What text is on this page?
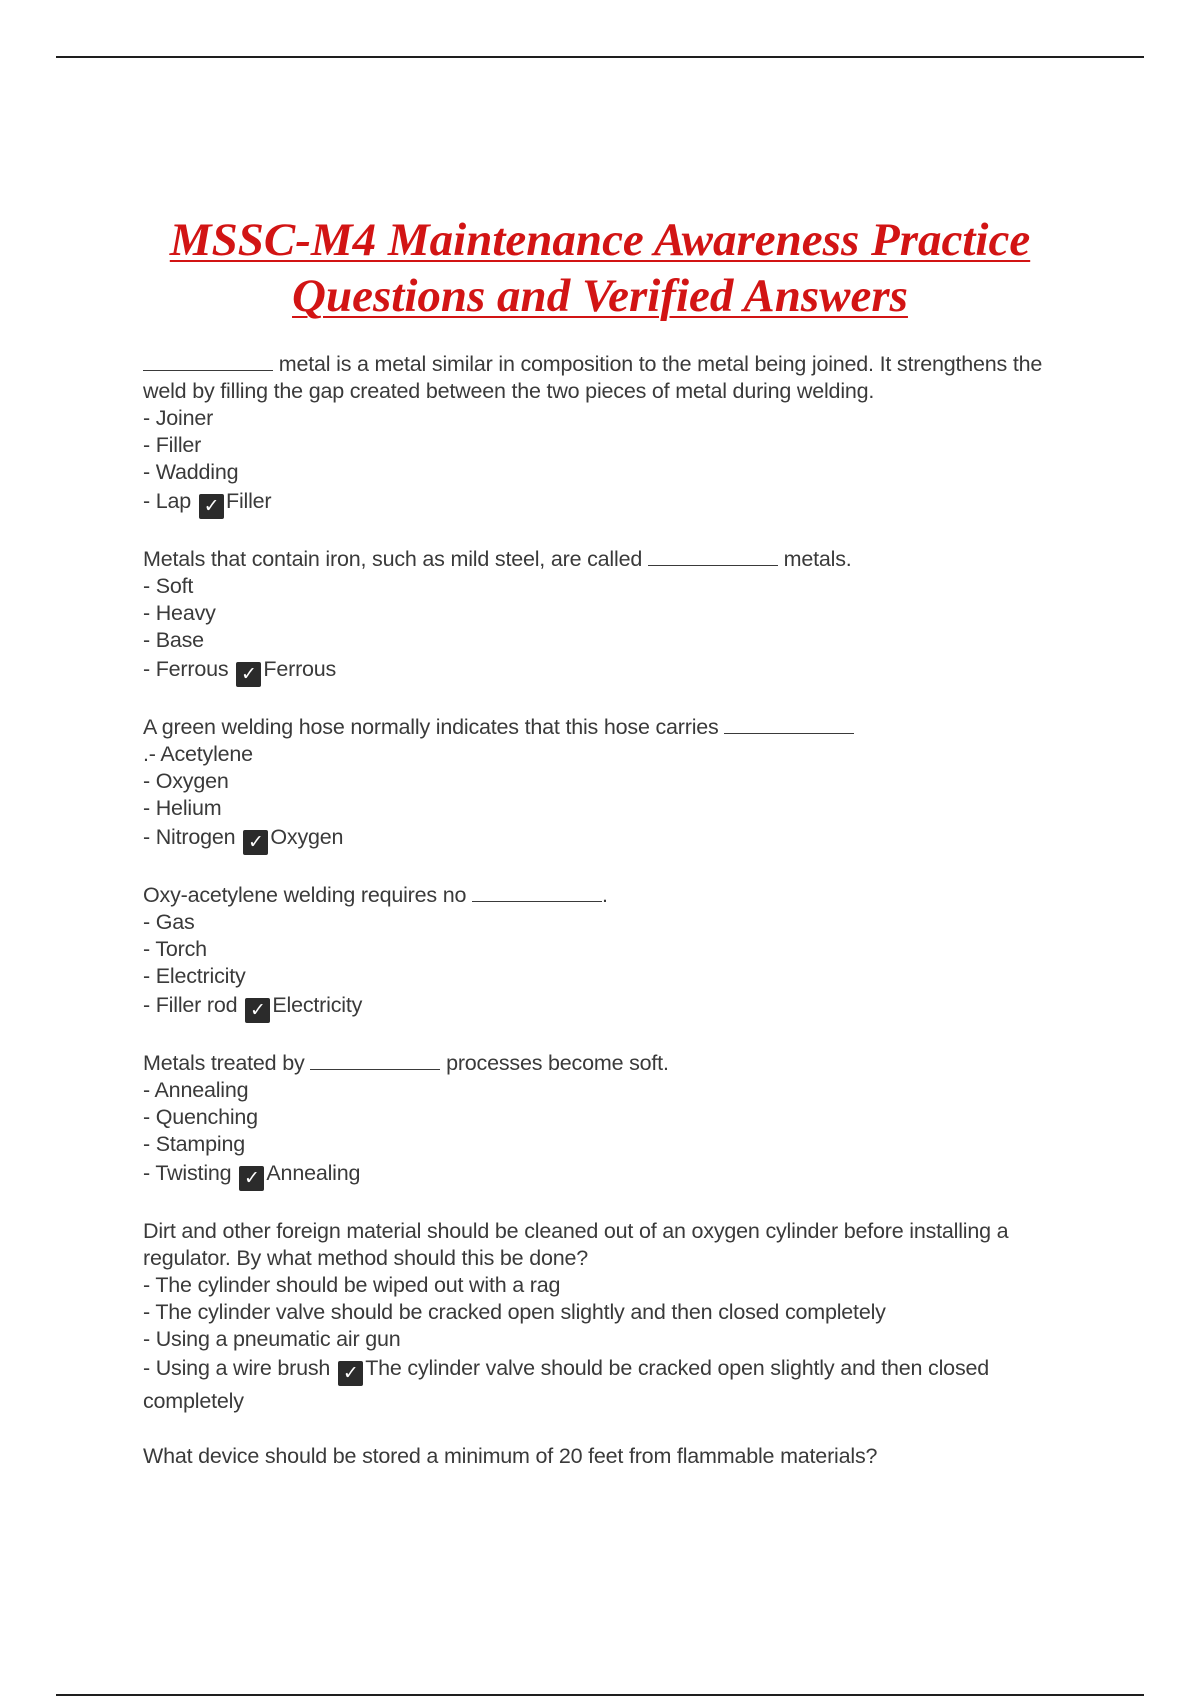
MSSC-M4 Maintenance Awareness Practice
Questions and Verified Answers
metal is a metal similar in composition to the metal being joined. It strengthens the weld by filling the gap created between the two pieces of metal during welding.
- Joiner
- Filler
- Wadding
- Lap ✓ Filler
Metals that contain iron, such as mild steel, are called	metals.
- Soft
- Heavy
- Base
- Ferrous ✓ Ferrous
A green welding hose normally indicates that this hose carries
.- Acetylene
- Oxygen
- Helium
- Nitrogen ✓ Oxygen
Oxy-acetylene welding requires no	.
- Gas
- Torch
- Electricity
- Filler rod ✓ Electricity
Metals treated by	processes become soft.
- Annealing
- Quenching
- Stamping
- Twisting ✓ Annealing
Dirt and other foreign material should be cleaned out of an oxygen cylinder before installing a regulator. By what method should this be done?
- The cylinder should be wiped out with a rag
- The cylinder valve should be cracked open slightly and then closed completely
- Using a pneumatic air gun
- Using a wire brush ✓ The cylinder valve should be cracked open slightly and then closed completely
What device should be stored a minimum of 20 feet from flammable materials?
